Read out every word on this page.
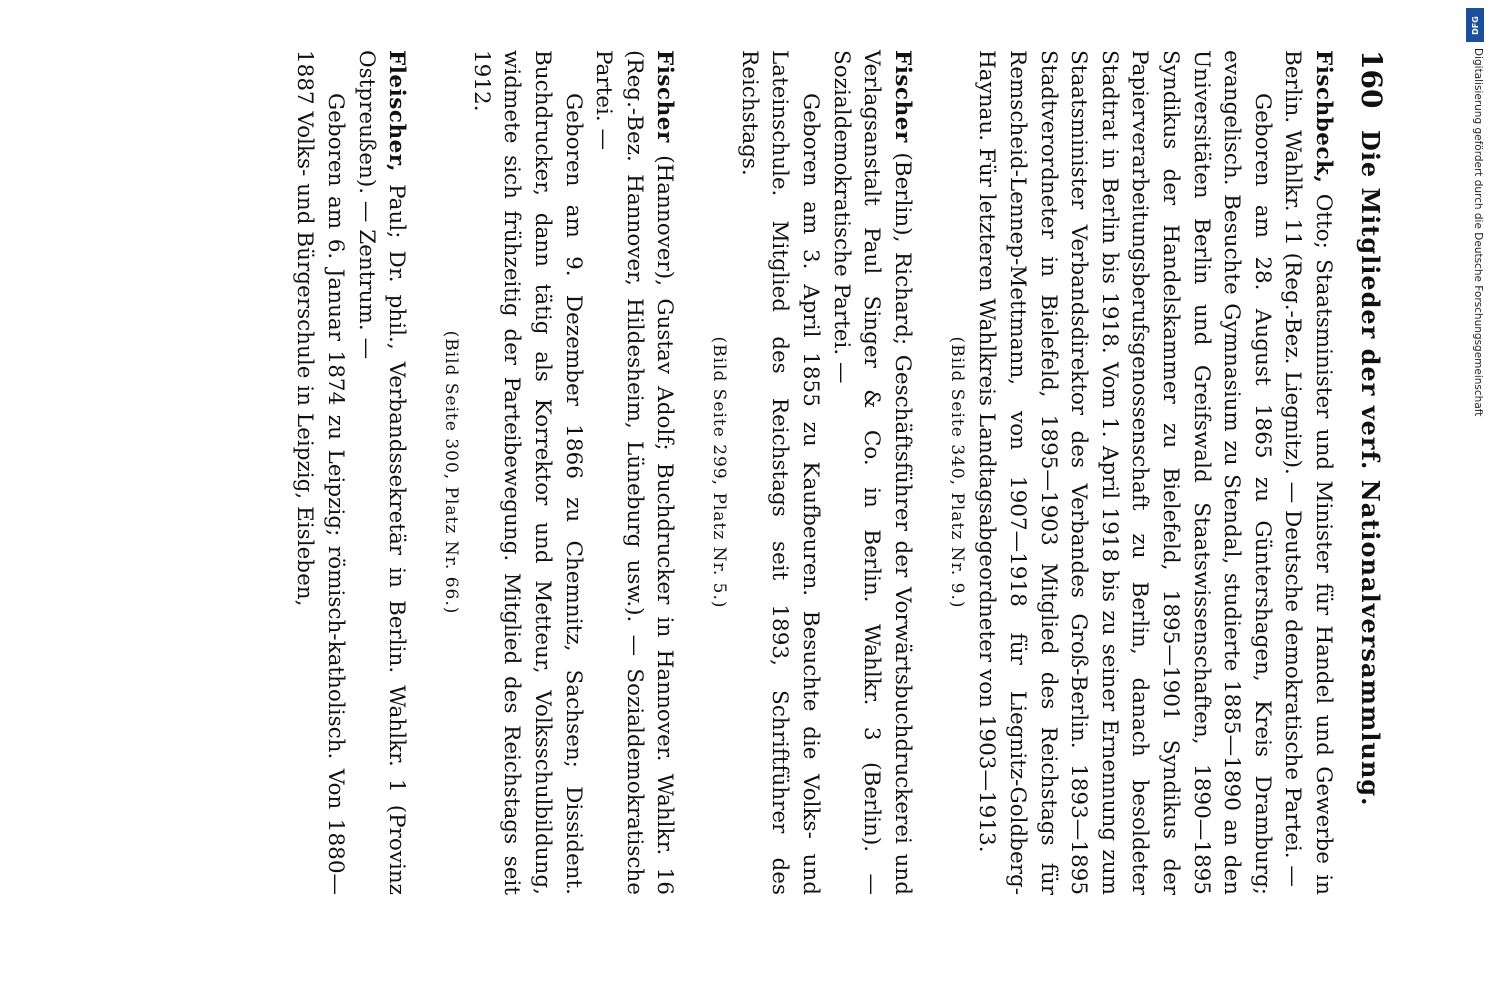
160
Die Mitglieder der verf. Nationalversammlung.

Fischbeck, Otto; Staatsminister und Minister für Handel und Gewerbe in Berlin. Wahlkr. 11 (Reg.-Bez. Liegnitz). — Deutsche demokratische Partei. —

Geboren am 28. August 1865 zu Güntershagen, Kreis Dramburg; evangelisch. Besuchte Gymnasium zu Stendal, studierte 1885—1890 an den Universitäten Berlin und Greifswald Staatswissenschaften, 1890—1895 Syndikus der Handelskammer zu Bielefeld, 1895—1901 Syndikus der Papierverarbeitungsberufsgenossenschaft zu Berlin, danach besoldeter Stadtrat in Berlin bis 1918. Vom 1. April 1918 bis zu seiner Ernennung zum Staatsminister Verbandsdirektor des Verbandes Groß-Berlin. 1893—1895 Stadtverordneter in Bielefeld, 1895—1903 Mitglied des Reichstags für Remscheid-Lennep-Mettmann, von 1907—1918 für Liegnitz-Goldberg-Haynau. Für letzteren Wahlkreis Landtagsabgeordneter von 1903—1913.

(Bild Seite 340, Platz Nr. 9.)

Fischer (Berlin), Richard; Geschäftsführer der Vorwärtsbuchdruckerei und Verlagsanstalt Paul Singer & Co. in Berlin. Wahlkr. 3 (Berlin). — Sozialdemokratische Partei. —

Geboren am 3. April 1855 zu Kaufbeuren. Besuchte die Volks- und Lateinschule. Mitglied des Reichstags seit 1893, Schriftführer des Reichstags.

(Bild Seite 299, Platz Nr. 5.)

Fischer (Hannover), Gustav Adolf; Buchdrucker in Hannover. Wahlkr. 16 (Reg.-Bez. Hannover, Hildesheim, Lüneburg usw.). — Sozialdemokratische Partei. —

Geboren am 9. Dezember 1866 zu Chemnitz, Sachsen; Dissident. Buchdrucker, dann tätig als Korrektor und Metteur, Volksschulbildung, widmete sich frühzeitig der Parteibewegung. Mitglied des Reichstags seit 1912.

(Bild Seite 300, Platz Nr. 66.)

Fleischer, Paul; Dr. phil., Verbandssekretär in Berlin. Wahlkr. 1 (Provinz Ostpreußen). — Zentrum. —

Geboren am 6. Januar 1874 zu Leipzig; römisch-katholisch. Von 1880—1887 Volks- und Bürgerschule in Leipzig, Eisleben,

DFG
Digitalisierung gefördert durch die Deutsche Forschungsgemeinschaft
